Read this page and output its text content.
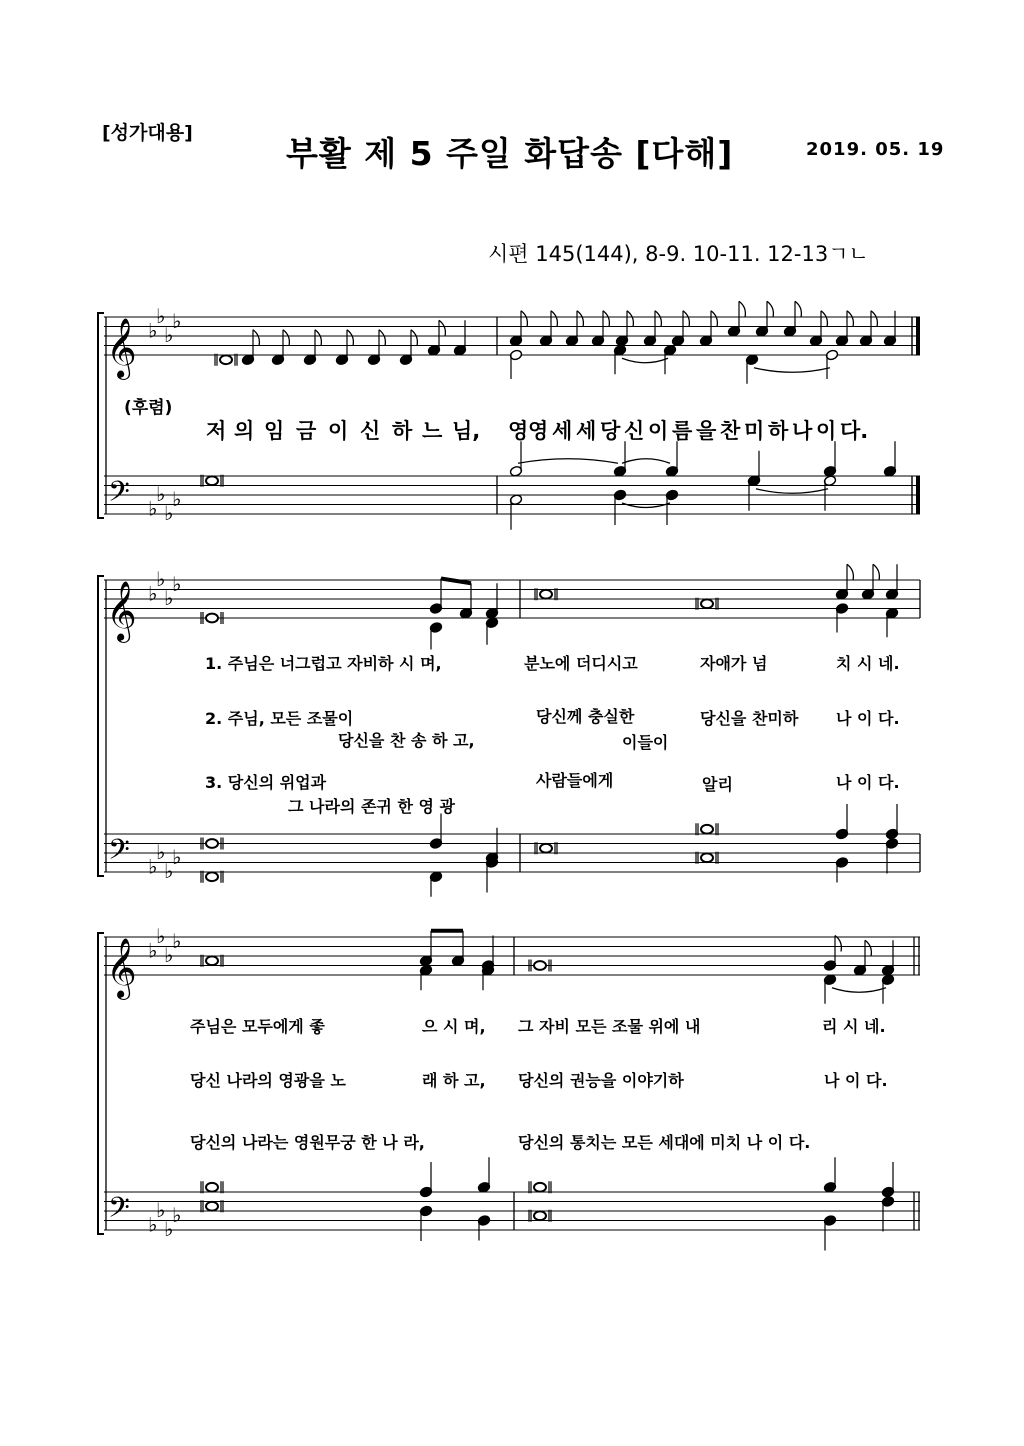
[성가대용]
부활 제 5 주일 화답송 [다해]	2019. 05. 19
시편 145(144), 8-9. 10-11. 12-13ㄱㄴ
𝄞
𝄢
♭
♭
♭
♭
♭
♭
♭
♭
𝄞
𝄢
♭
♭
♭
♭
♭
♭
♭
♭
𝄞
𝄢
♭
♭
♭
♭
♭
♭
♭
♭
(후렴)
저 의 임 금 이 신 하 느 님, 영 영 세 세 당 신 이 름 을 찬 미 하 나 이 다.
1. 주님은 너그럽고 자비하 시 며,	분노에 더디시고	자애가 넘	치 시 네.
2. 주님, 모든 조물이	당신께 충실한	당신을 찬미하 나 이 다.
당신을 찬 송 하 고,	이들이
3. 당신의 위업과	사람들에게	알리	나 이 다.
그 나라의 존귀 한 영 광
주님은 모두에게 좋	으 시 며, 그 자비 모든 조물 위에 내	리 시 네.
당신 나라의 영광을 노	래 하 고, 당신의 권능을 이야기하	나 이 다.
당신의 나라는 영원무궁 한 나 라,	당신의 통치는 모든 세대에 미치 나 이 다.
